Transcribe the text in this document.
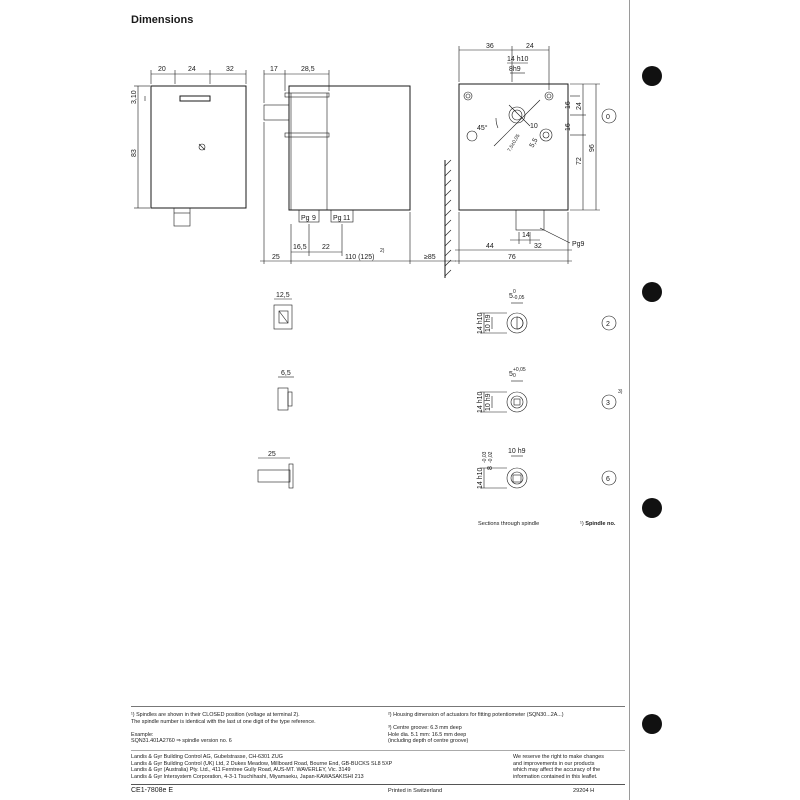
Dimensions
20	24	32
3,10
83
Pg 9 Pg 11
17	28,5
16,5 22
25	110 (125)
2)
≥85
36	24
14 h10
8h9
45°	10
5,5
7,5±0,05
24
16
16
72
96
14
44	32
76
Pg9
0
12,5
6,5
25
14 h10 10 h9
5
0
-0,05
2
14 h10 10 h9
5
+0,05
0
3
3)
14 h10
10 h9
8
-0,03 -0,02
6
Sections through spindle	¹) Spindle no.
¹) Spindles are shown in their CLOSED position (voltage at terminal 2).
The spindle number is identical with the last ut one digit of the type reference.

Example:
SQN31.401A2760 ⇒ spindle version no. 6
²) Housing dimension of actuators for fitting potentiometer (SQN30...2A...)

³) Centre groove: 6.3 mm deep
Hole dia. 5.1 mm: 16.5 mm deep
(including depth of centre groove)
Landis & Gyr Building Control AG, Gubelstrasse, CH-6301 ZUG
Landis & Gyr Building Control (UK) Ltd, 2 Dukes Meadow, Millboard Road, Bourne End, GB-BUCKS SL8 5XP
Landis & Gyr (Australia) Pty. Ltd., 411 Ferntree Gully Road, AUS-MT. WAVERLEY, Vic. 3149
Landis & Gyr Intersystem Corporation, 4-3-1 Tsuchihashi, Miyamaeku, Japan-KAWASAKISHI 213
We reserve the right to make changes
and improvements in our products
which may affect the accuracy of the
information contained in this leaflet.
CE1-7808e E	Printed in Switzerland	29204 H
